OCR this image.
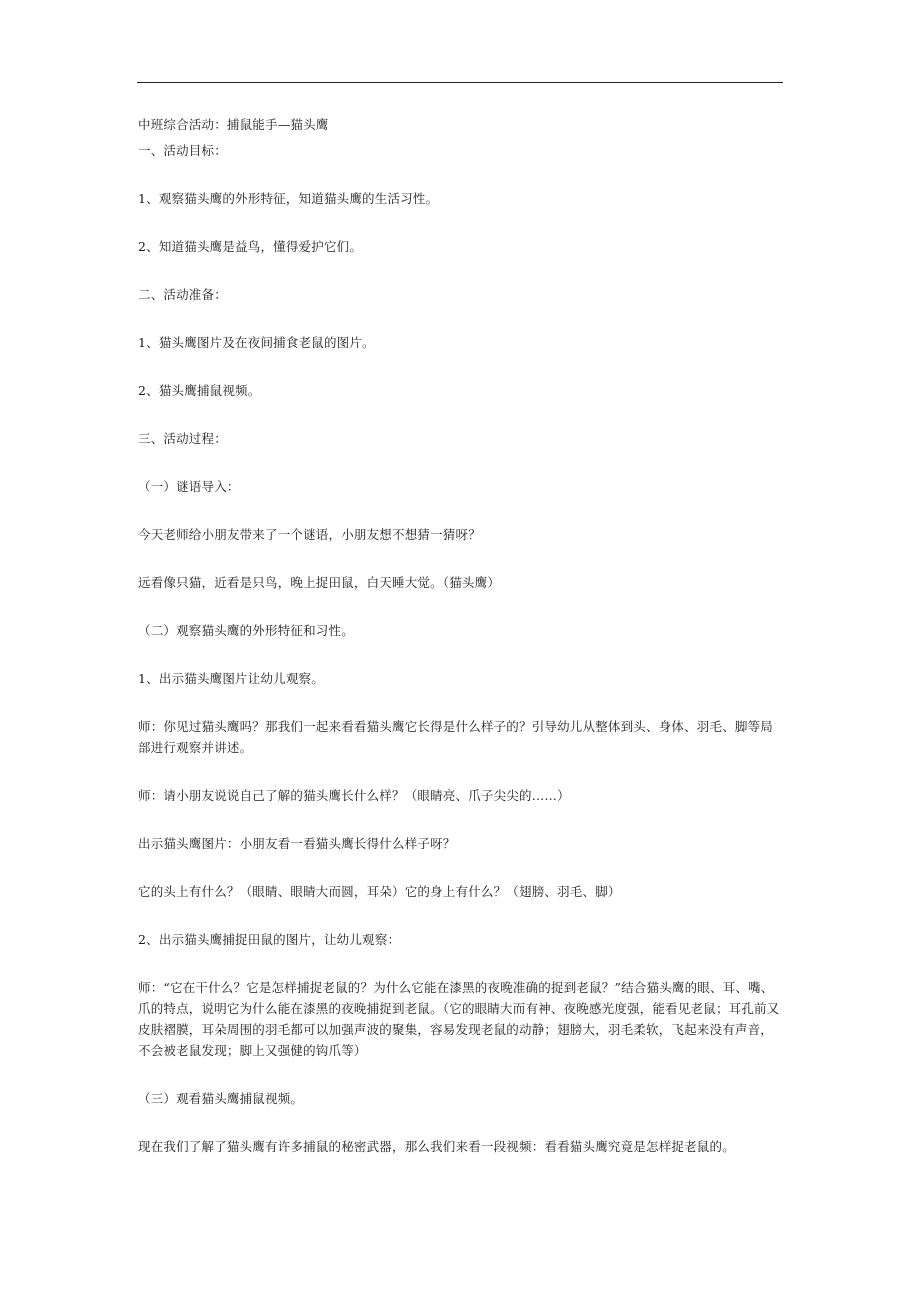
中班综合活动：捕鼠能手—猫头鹰

一、活动目标：

1、观察猫头鹰的外形特征，知道猫头鹰的生活习性。

2、知道猫头鹰是益鸟，懂得爱护它们。

二、活动准备：

1、猫头鹰图片及在夜间捕食老鼠的图片。

2、猫头鹰捕鼠视频。

三、活动过程：

（一）谜语导入：

今天老师给小朋友带来了一个谜语，小朋友想不想猜一猜呀？

远看像只猫，近看是只鸟，晚上捉田鼠，白天睡大觉。（猫头鹰）

（二）观察猫头鹰的外形特征和习性。

1、出示猫头鹰图片让幼儿观察。

师：你见过猫头鹰吗？那我们一起来看看猫头鹰它长得是什么样子的？引导幼儿从整体到头、身体、羽毛、脚等局部进行观察并讲述。

师：请小朋友说说自己了解的猫头鹰长什么样？（眼睛亮、爪子尖尖的……）

出示猫头鹰图片：小朋友看一看猫头鹰长得什么样子呀？

它的头上有什么？（眼睛、眼睛大而圆，耳朵）它的身上有什么？（翅膀、羽毛、脚）

2、出示猫头鹰捕捉田鼠的图片，让幼儿观察：

师：“它在干什么？它是怎样捕捉老鼠的？为什么它能在漆黑的夜晚准确的捉到老鼠？”结合猫头鹰的眼、耳、嘴、爪的特点，说明它为什么能在漆黑的夜晚捕捉到老鼠。（它的眼睛大而有神、夜晚感光度强，能看见老鼠；耳孔前又皮肤褶膜，耳朵周围的羽毛都可以加强声波的聚集，容易发现老鼠的动静；翅膀大，羽毛柔软，飞起来没有声音，不会被老鼠发现；脚上又强健的钩爪等）

（三）观看猫头鹰捕鼠视频。

现在我们了解了猫头鹰有许多捕鼠的秘密武器，那么我们来看一段视频：看看猫头鹰究竟是怎样捉老鼠的。
